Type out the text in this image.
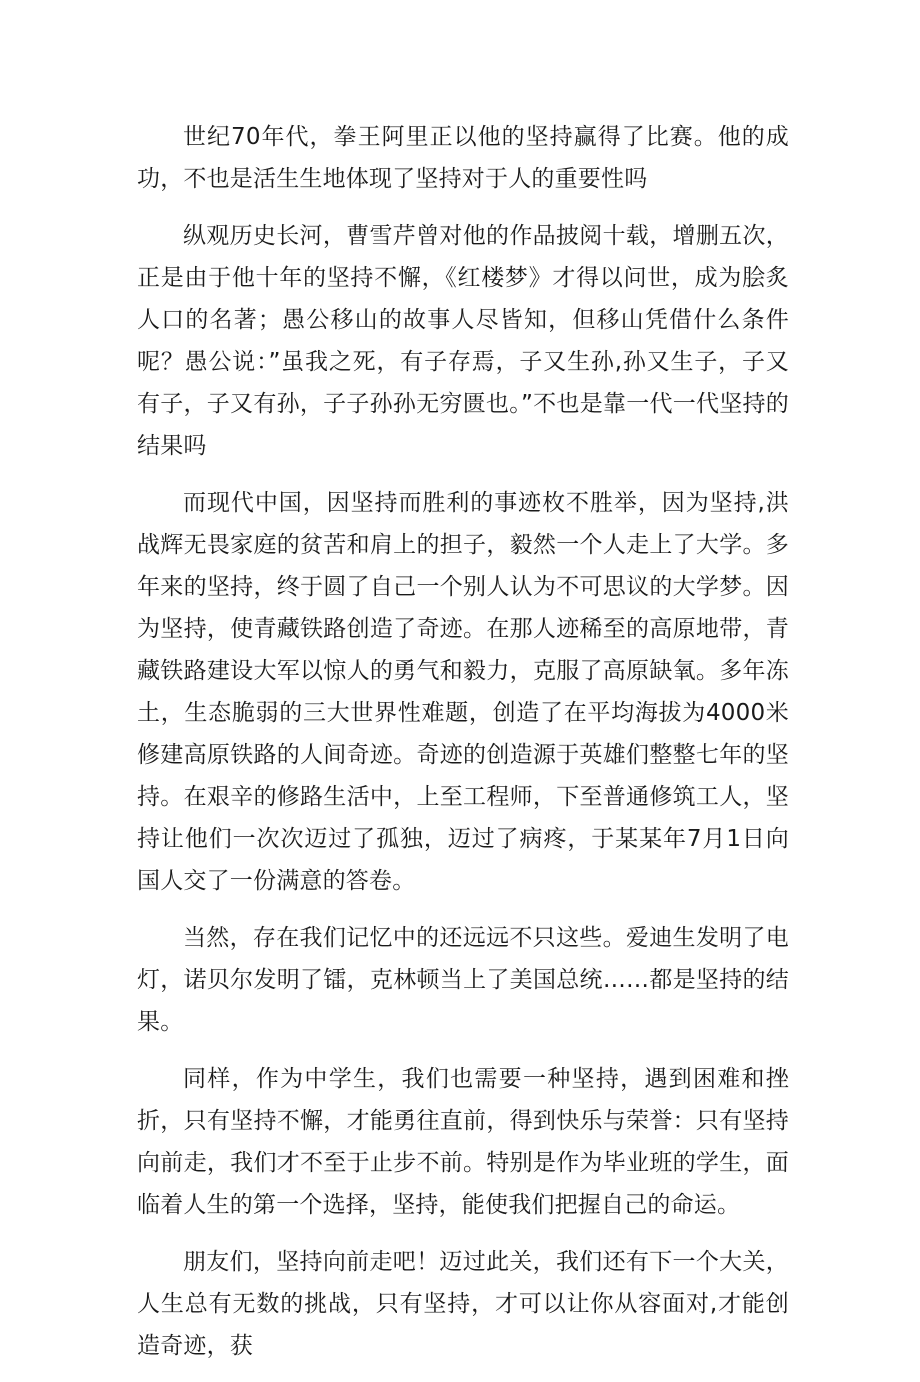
世纪70年代，拳王阿里正以他的坚持赢得了比赛。他的成功，不也是活生生地体现了坚持对于人的重要性吗

纵观历史长河，曹雪芹曾对他的作品披阅十载，增删五次，正是由于他十年的坚持不懈，《红楼梦》才得以问世，成为脍炙人口的名著；愚公移山的故事人尽皆知，但移山凭借什么条件呢？愚公说：”虽我之死，有子存焉，子又生孙,孙又生子，子又有子，子又有孙，子子孙孙无穷匮也。”不也是靠一代一代坚持的结果吗

而现代中国，因坚持而胜利的事迹枚不胜举，因为坚持,洪战辉无畏家庭的贫苦和肩上的担子，毅然一个人走上了大学。多年来的坚持，终于圆了自己一个别人认为不可思议的大学梦。因为坚持，使青藏铁路创造了奇迹。在那人迹稀至的高原地带，青藏铁路建设大军以惊人的勇气和毅力，克服了高原缺氧。多年冻土，生态脆弱的三大世界性难题，创造了在平均海拔为4000米修建高原铁路的人间奇迹。奇迹的创造源于英雄们整整七年的坚持。在艰辛的修路生活中，上至工程师，下至普通修筑工人，坚持让他们一次次迈过了孤独，迈过了病疼，于某某年7月1日向国人交了一份满意的答卷。

当然，存在我们记忆中的还远远不只这些。爱迪生发明了电灯，诺贝尔发明了镭，克林顿当上了美国总统……都是坚持的结果。

同样，作为中学生，我们也需要一种坚持，遇到困难和挫折，只有坚持不懈，才能勇往直前，得到快乐与荣誉：只有坚持向前走，我们才不至于止步不前。特别是作为毕业班的学生，面临着人生的第一个选择，坚持，能使我们把握自己的命运。

朋友们，坚持向前走吧！迈过此关，我们还有下一个大关，人生总有无数的挑战，只有坚持，才可以让你从容面对,才能创造奇迹，获
